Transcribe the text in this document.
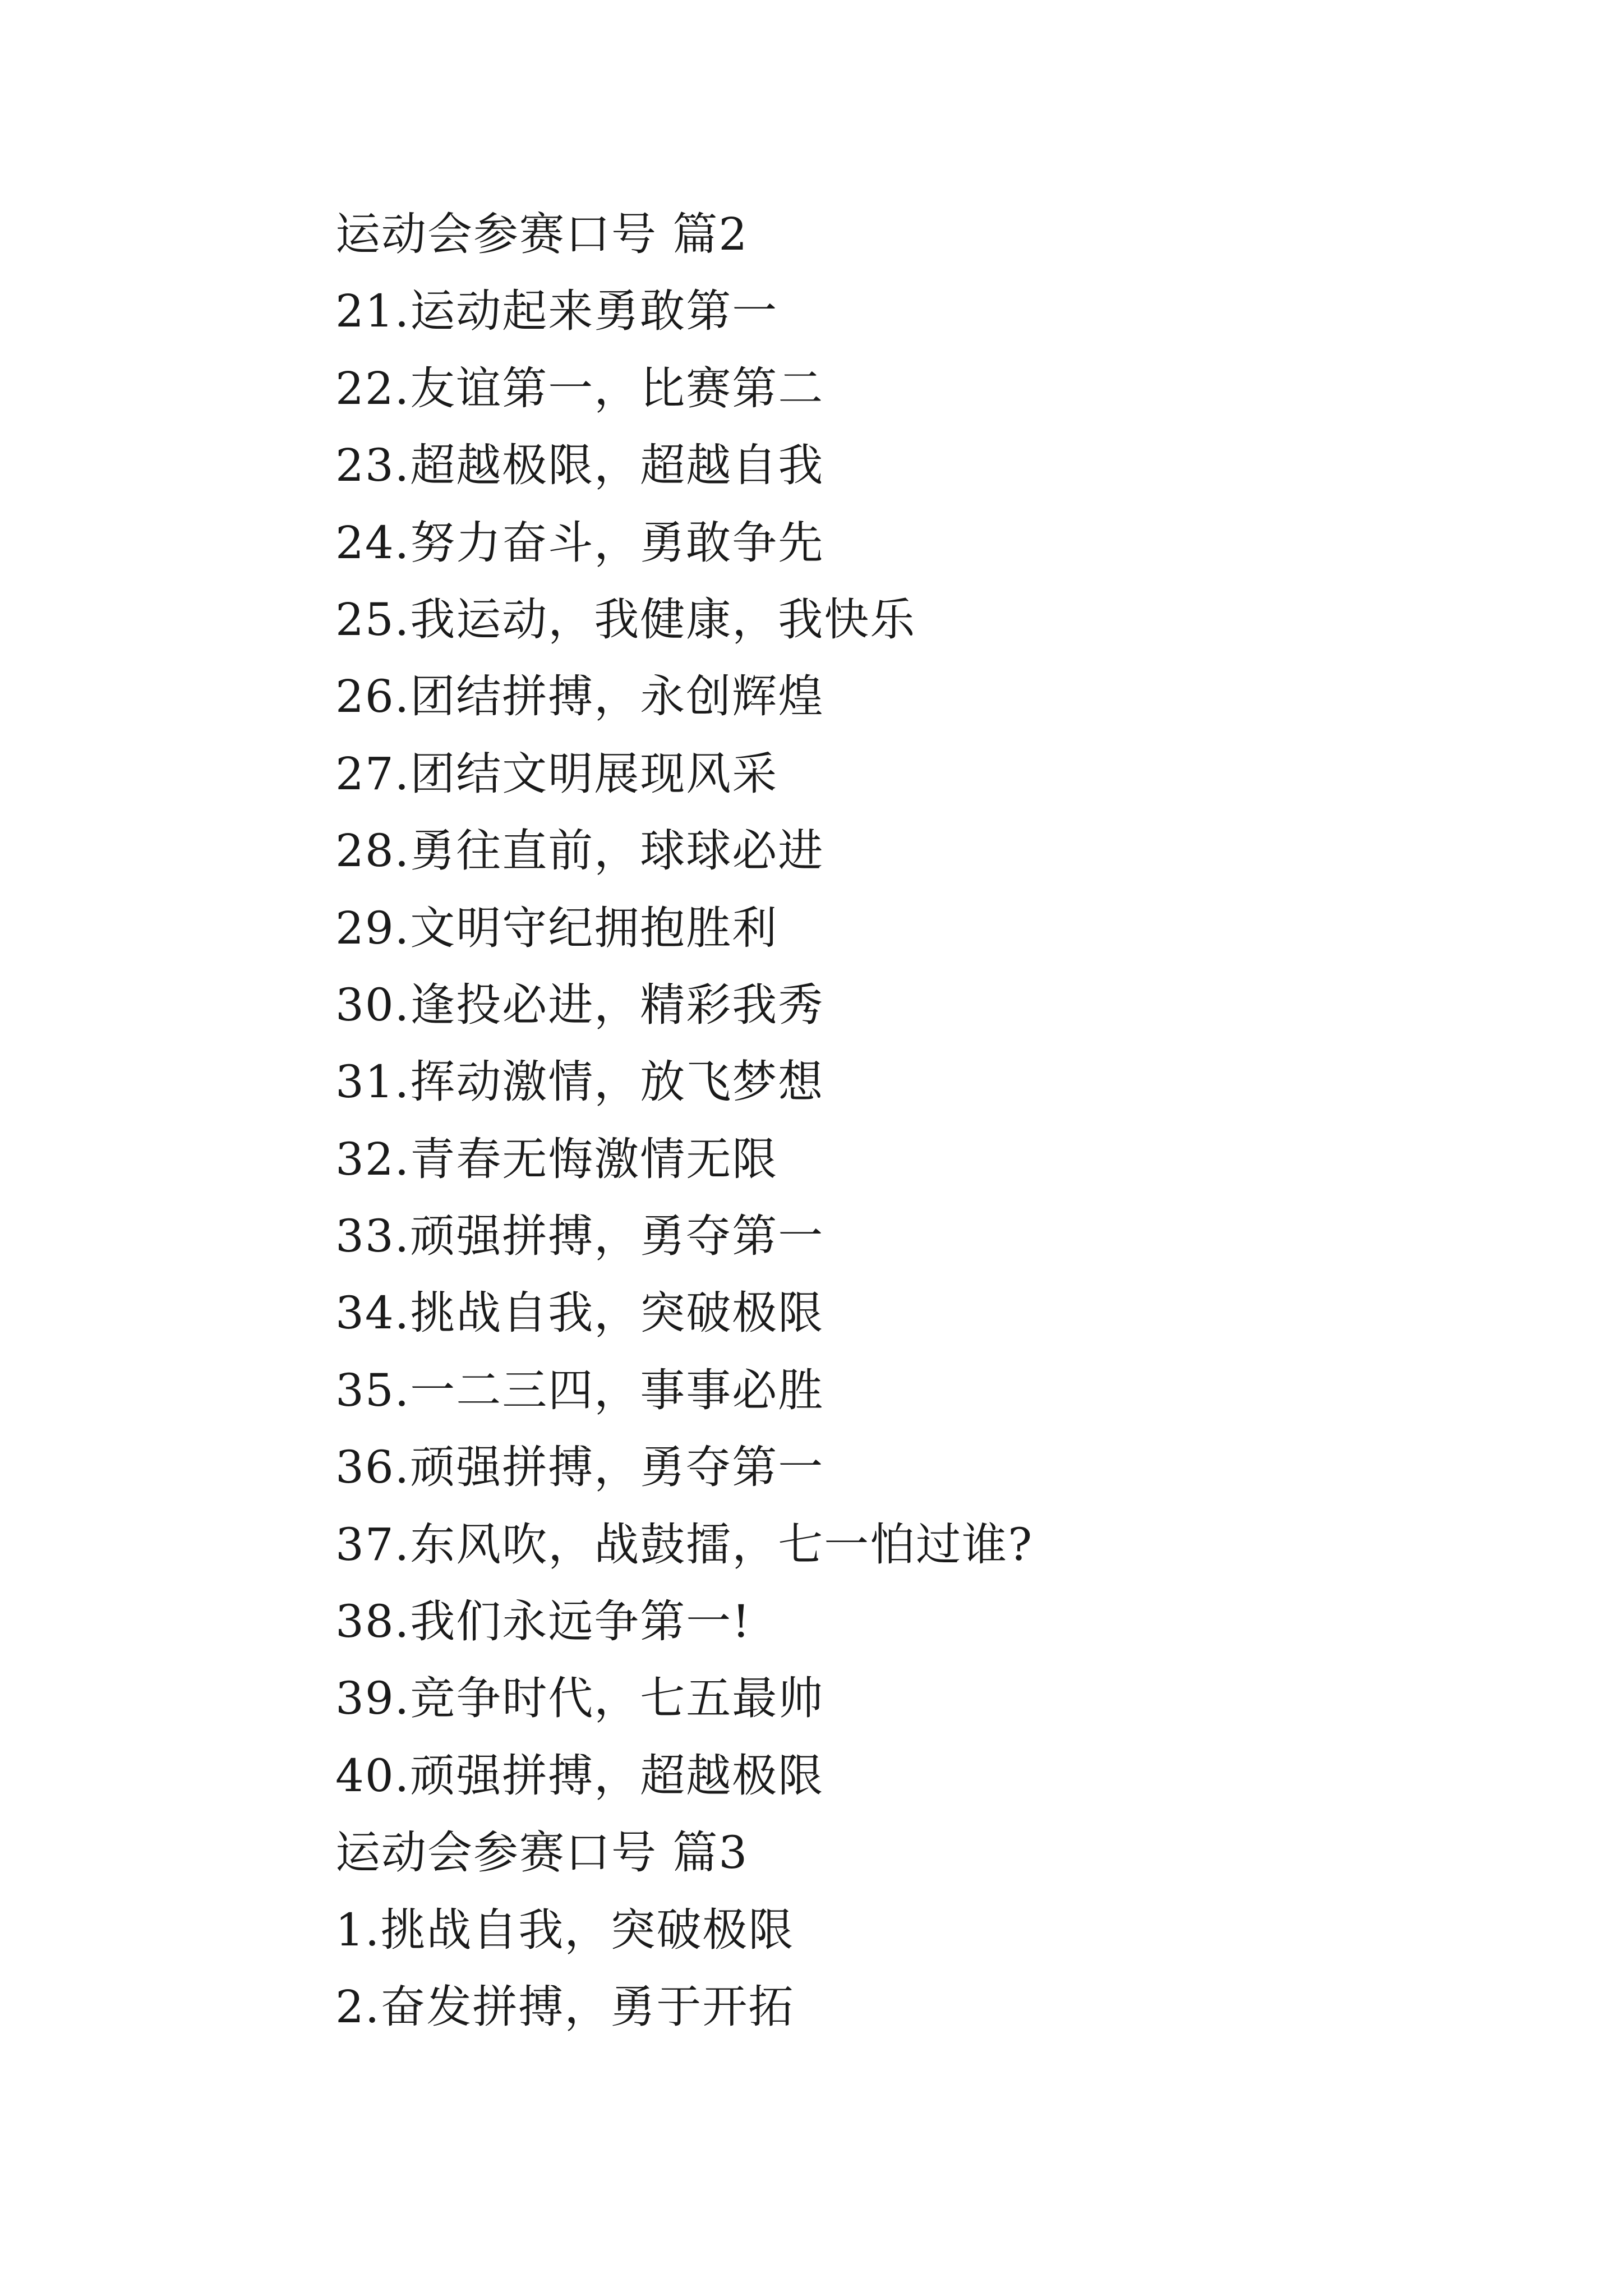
运动会参赛口号 篇2
21.运动起来勇敢第一
22.友谊第一，比赛第二
23.超越极限，超越自我
24.努力奋斗，勇敢争先
25.我运动，我健康，我快乐
26.团结拼搏，永创辉煌
27.团结文明展现风采
28.勇往直前，球球必进
29.文明守纪拥抱胜利
30.逢投必进，精彩我秀
31.挥动激情，放飞梦想
32.青春无悔激情无限
33.顽强拼搏，勇夺第一
34.挑战自我，突破极限
35.一二三四，事事必胜
36.顽强拼搏，勇夺第一
37.东风吹，战鼓擂，七一怕过谁?
38.我们永远争第一!
39.竞争时代，七五最帅
40.顽强拼搏，超越极限
运动会参赛口号 篇3
1.挑战自我，突破极限
2.奋发拼搏，勇于开拓
